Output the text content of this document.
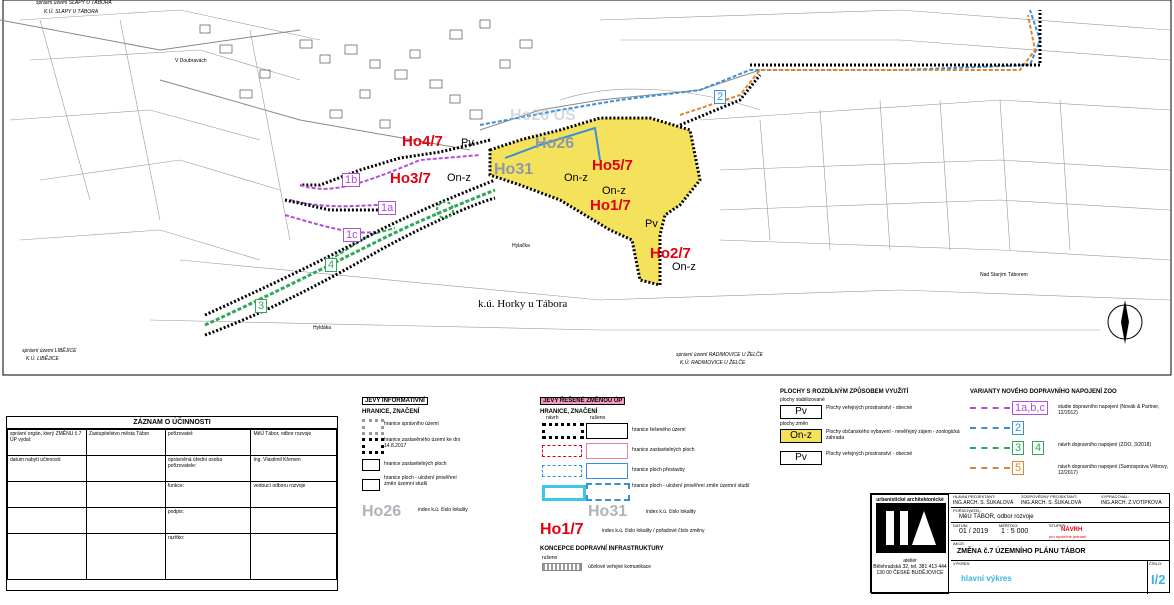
správní území SLAPY U TÁBORA
K.Ú. SLAPY U TÁBORA
správní území LIBĚJICE
K.Ú. LIBĚJICE
správní území RADIMOVICE U ŽELČE
K.Ú. RADIMOVICE U ŽELČE
V Doubravách
Hylačka
Hyldáka
Nad Starým Táborem
k.ú. Horky u Tábora
Ho26 US
Ho4/7 Pv	Ho26
Ho31	Ho5/7
Ho3/7 On-z	On-z
On-z
Ho1/7
Pv
Ho2/7
On-z
1b
1a
1c
2
3
4
ZÁZNAM O ÚČINNOSTI
správní orgán, který ZMĚNU č.7 ÚP vydal:	Zastupitelstvo města Tábor	pořizovatel:	MěÚ Tábor, odbor rozvoje
datum nabytí účinnosti:		oprávněná úřední osoba pořizovatele:	Ing. Vlastimil Křemen
		funkce:	vedoucí odboru rozvoje
		podpis:	
		razítko:	
JEVY INFORMATIVNÍ
HRANICE, ZNAČENÍ
hranice správního území
hranice zastavěného území ke dni 14.8.2017
hranice zastavitelných ploch
hranice ploch - uložení prověření změn územní studií
Ho26	index k.ú. číslo lokality
JEVY ŘEŠENÉ ZMĚNOU ÚP
HRANICE, ZNAČENÍ
návrh	rušeno
hranice řešeného území
hranice zastavitelných ploch
hranice ploch přestavby
hranice ploch - uložení prověření změn územní studií
Ho31	index k.ú. číslo lokality
Ho1/7	index k.ú. číslo lokality / pořadové číslo změny
KONCEPCE DOPRAVNÍ INFRASTRUKTURY
rušeno
účelové veřejné komunikace
PLOCHY S ROZDÍLNÝM ZPŮSOBEM VYUŽITÍ
plochy stabilizované
Pv	Plochy veřejných prostranství - obecné
plochy změn
On-z	Plochy občanského vybavení - nevěřejný zájem - zoologická zahrada
Pv	Plochy veřejných prostranství - obecné
VARIANTY NOVÉHO DOPRAVNÍHO NAPOJENÍ ZOO
1a,b,c	studie dopravního napojení (Novák & Partner, 12/2012)
2
3 4	návrh dopravního napojení (ZOO, 3/2018)
5	návrh dopravního napojení (Samospráva Větrovy, 12/2017)
urbanistické architektonické
ateliér
Bělehradská 32, tel. 381 413 444
130 00 ČESKÉ BUDĚJOVICE
HLAVNÍ PROJEKTANT:
ING.ARCH. S. ŠUKALOVÁ
ZODPOVĚDNÝ PROJEKTANT:
ING.ARCH. S. ŠUKALOVÁ
VYPRACOVAL:
ING.ARCH. Z.VOTÍPKOVÁ
POŘIZOVATEL:
MěÚ TÁBOR, odbor rozvoje
DATUM:
01 / 2019
MĚŘÍTKO:
1 : 5 000
STUPEŇ:
NÁVRH
pro společné jednání
AKCE:
ZMĚNA č.7 ÚZEMNÍHO PLÁNU TÁBOR
VÝKRES:
hlavní výkres
ČÍSLO:
I/2
